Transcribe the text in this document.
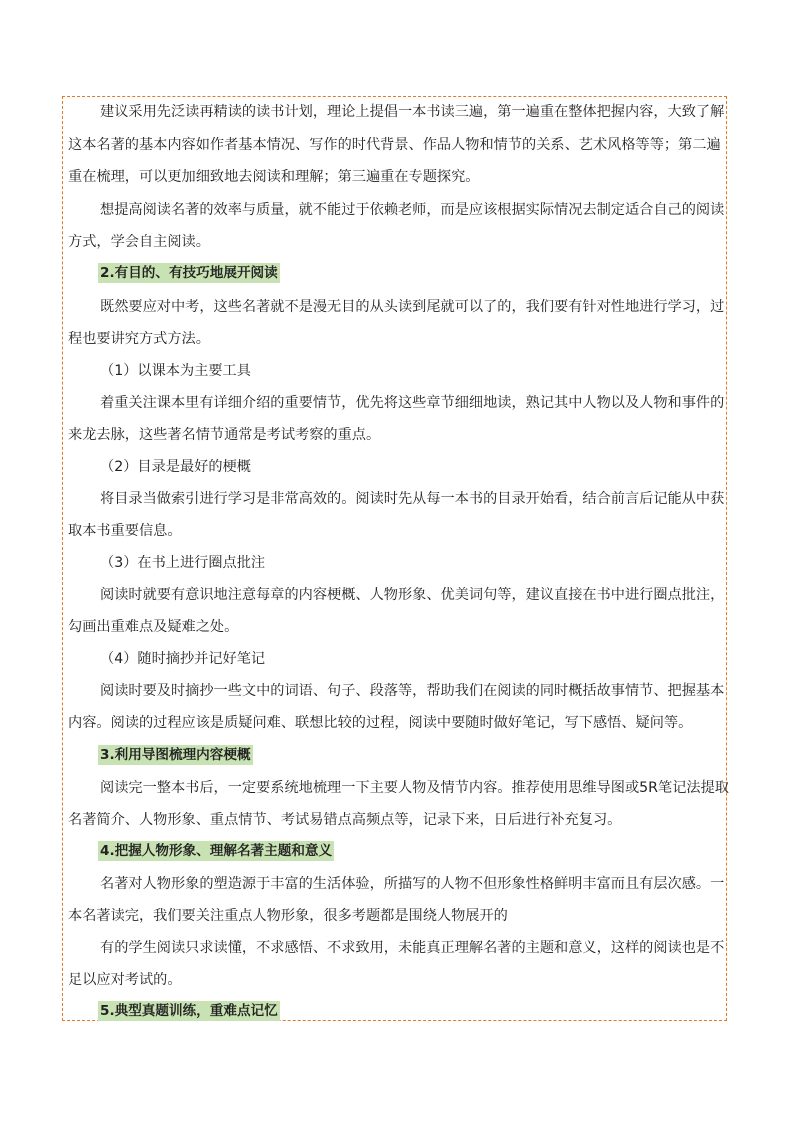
建议采用先泛读再精读的读书计划，理论上提倡一本书读三遍，第一遍重在整体把握内容，大致了解
这本名著的基本内容如作者基本情况、写作的时代背景、作品人物和情节的关系、艺术风格等等；第二遍
重在梳理，可以更加细致地去阅读和理解；第三遍重在专题探究。
想提高阅读名著的效率与质量，就不能过于依赖老师，而是应该根据实际情况去制定适合自己的阅读
方式，学会自主阅读。
2.有目的、有技巧地展开阅读
既然要应对中考，这些名著就不是漫无目的从头读到尾就可以了的，我们要有针对性地进行学习，过
程也要讲究方式方法。
（1）以课本为主要工具
着重关注课本里有详细介绍的重要情节，优先将这些章节细细地读，熟记其中人物以及人物和事件的
来龙去脉，这些著名情节通常是考试考察的重点。
（2）目录是最好的梗概
将目录当做索引进行学习是非常高效的。阅读时先从每一本书的目录开始看，结合前言后记能从中获
取本书重要信息。
（3）在书上进行圈点批注
阅读时就要有意识地注意每章的内容梗概、人物形象、优美词句等，建议直接在书中进行圈点批注，
勾画出重难点及疑难之处。
（4）随时摘抄并记好笔记
阅读时要及时摘抄一些文中的词语、句子、段落等，帮助我们在阅读的同时概括故事情节、把握基本
内容。阅读的过程应该是质疑问难、联想比较的过程，阅读中要随时做好笔记，写下感悟、疑问等。
3.利用导图梳理内容梗概
阅读完一整本书后，一定要系统地梳理一下主要人物及情节内容。推荐使用思维导图或5R笔记法提取
名著简介、人物形象、重点情节、考试易错点高频点等，记录下来，日后进行补充复习。
4.把握人物形象、理解名著主题和意义
名著对人物形象的塑造源于丰富的生活体验，所描写的人物不但形象性格鲜明丰富而且有层次感。一
本名著读完，我们要关注重点人物形象，很多考题都是围绕人物展开的
有的学生阅读只求读懂，不求感悟、不求致用，未能真正理解名著的主题和意义，这样的阅读也是不
足以应对考试的。
5.典型真题训练，重难点记忆
